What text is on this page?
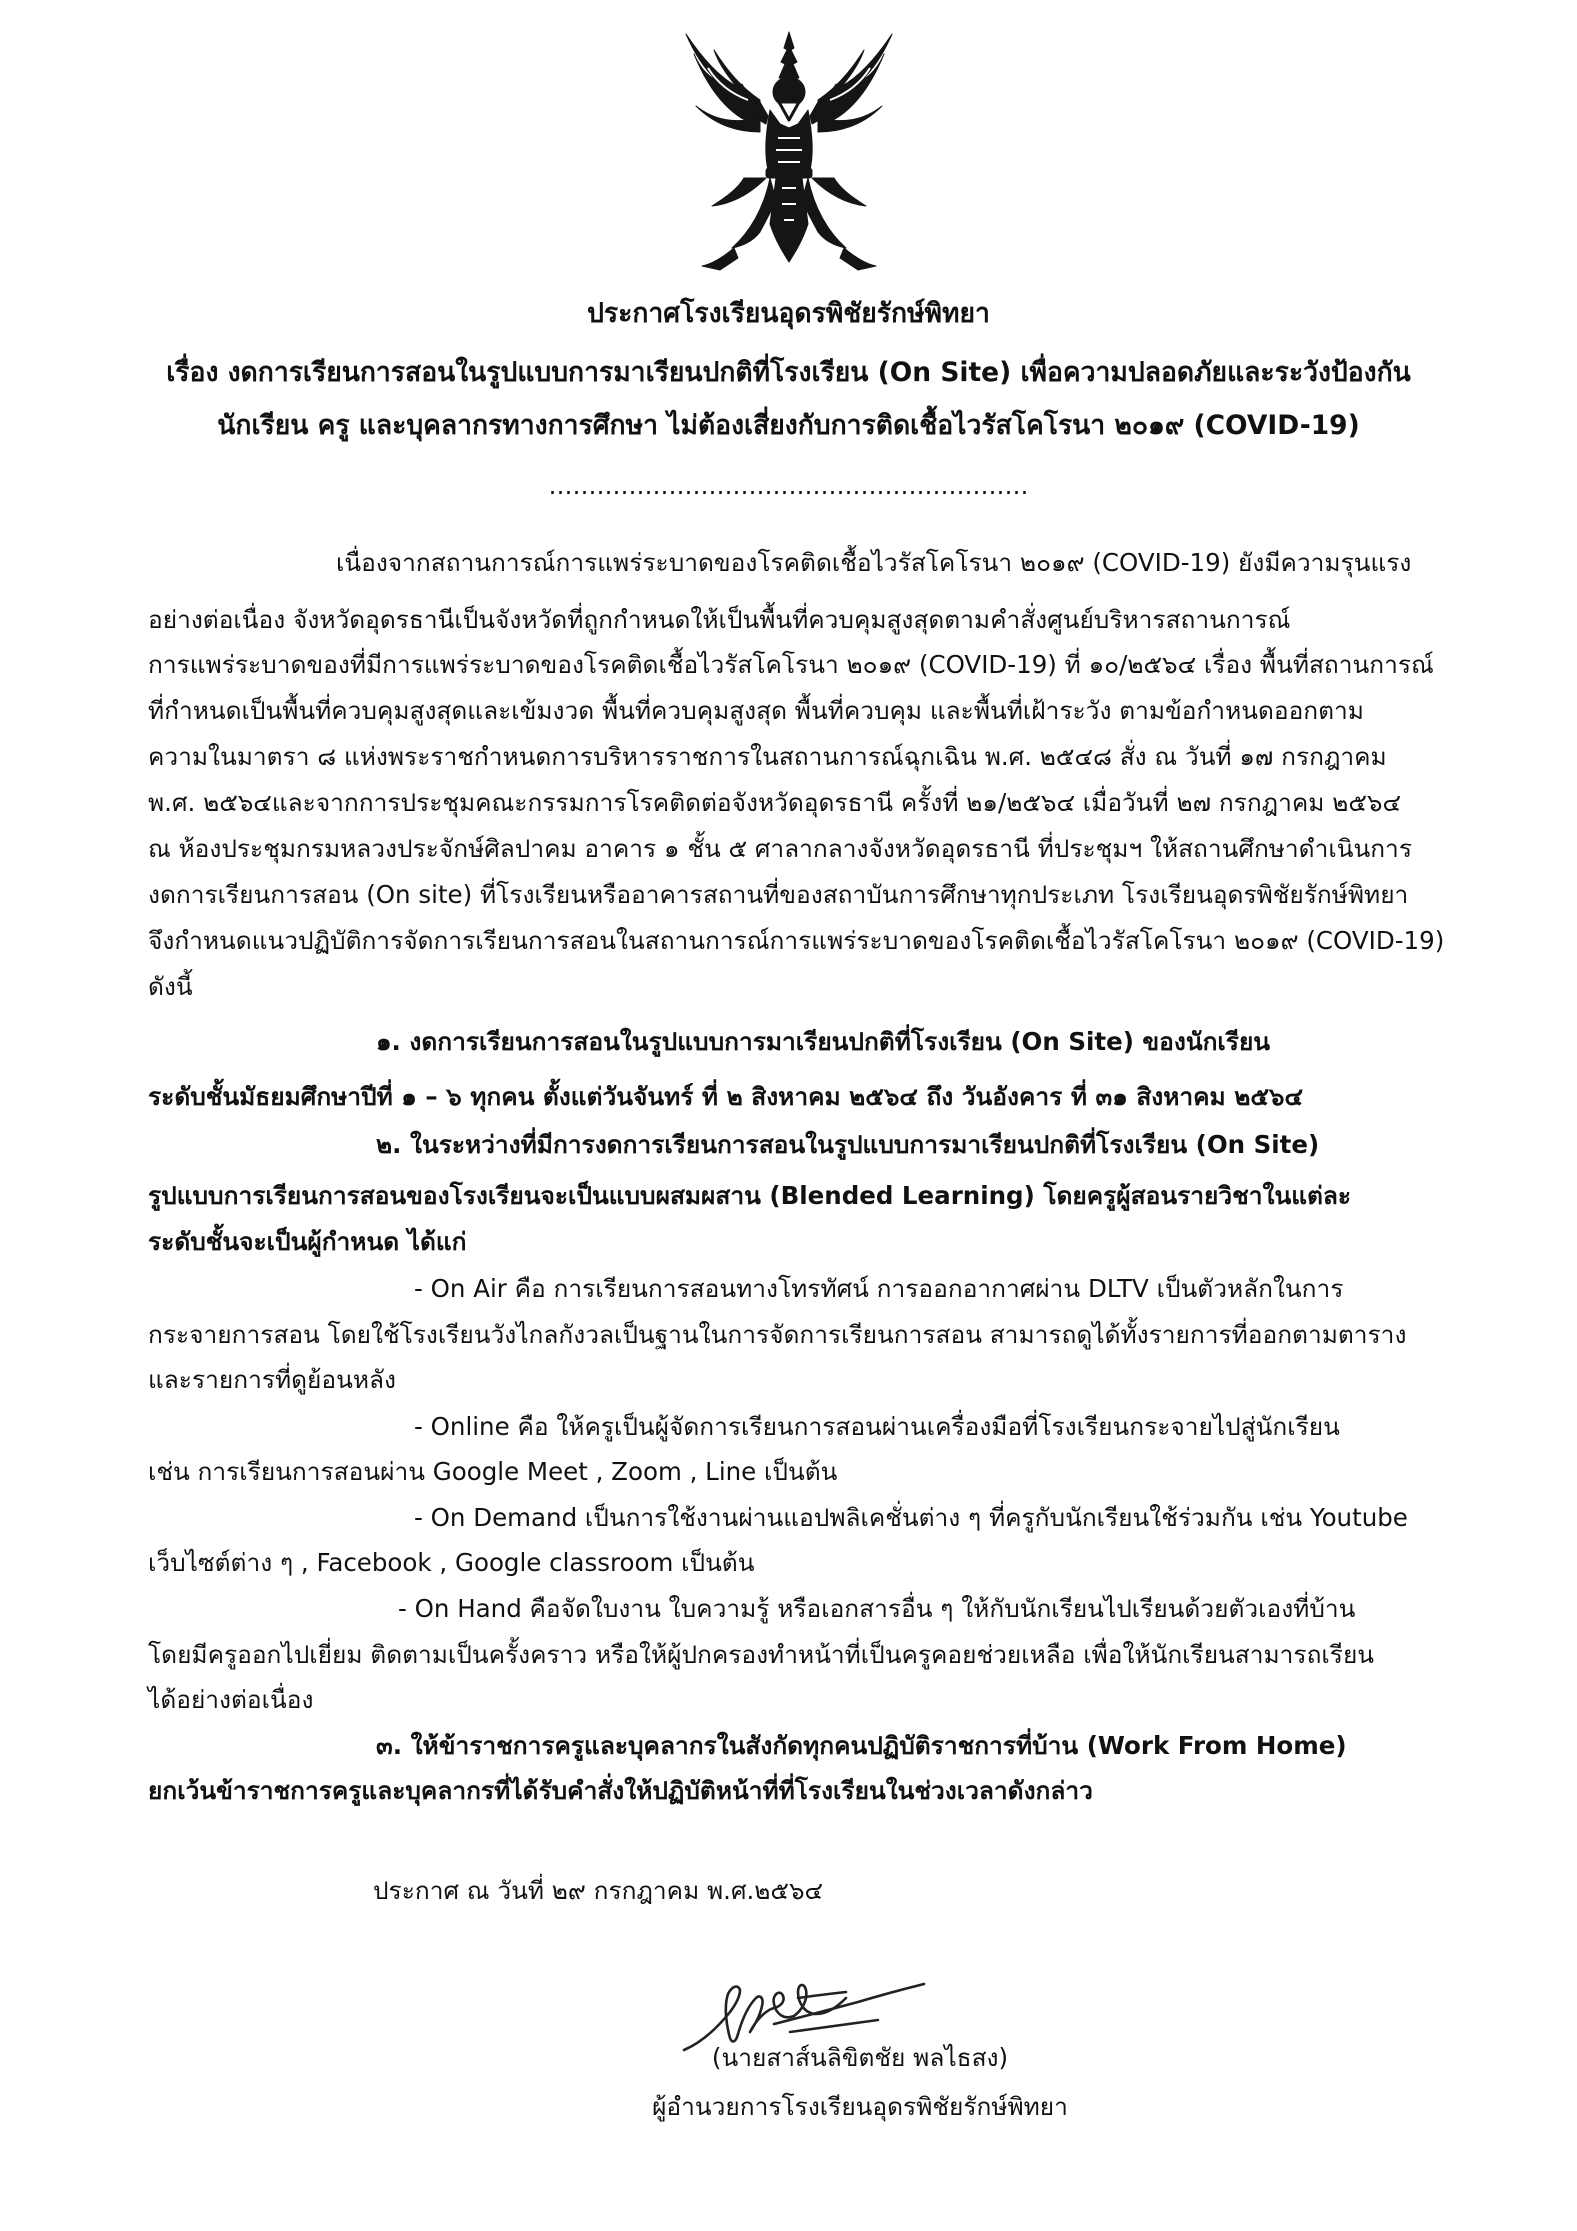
ประกาศโรงเรียนอุดรพิชัยรักษ์พิทยา
เรื่อง งดการเรียนการสอนในรูปแบบการมาเรียนปกติที่โรงเรียน (On Site) เพื่อความปลอดภัยและระวังป้องกัน
นักเรียน ครู และบุคลากรทางการศึกษา ไม่ต้องเสี่ยงกับการติดเชื้อไวรัสโคโรนา ๒๐๑๙ (COVID-19)
……………………………………………………
เนื่องจากสถานการณ์การแพร่ระบาดของโรคติดเชื้อไวรัสโคโรนา ๒๐๑๙ (COVID-19) ยังมีความรุนแรง
อย่างต่อเนื่อง จังหวัดอุดรธานีเป็นจังหวัดที่ถูกกำหนดให้เป็นพื้นที่ควบคุมสูงสุดตามคำสั่งศูนย์บริหารสถานการณ์
การแพร่ระบาดของที่มีการแพร่ระบาดของโรคติดเชื้อไวรัสโคโรนา ๒๐๑๙ (COVID-19) ที่ ๑๐/๒๕๖๔ เรื่อง พื้นที่สถานการณ์
ที่กำหนดเป็นพื้นที่ควบคุมสูงสุดและเข้มงวด พื้นที่ควบคุมสูงสุด พื้นที่ควบคุม และพื้นที่เฝ้าระวัง ตามข้อกำหนดออกตาม
ความในมาตรา ๘ แห่งพระราชกำหนดการบริหารราชการในสถานการณ์ฉุกเฉิน พ.ศ. ๒๕๔๘ สั่ง ณ วันที่ ๑๗ กรกฎาคม
พ.ศ. ๒๕๖๔และจากการประชุมคณะกรรมการโรคติดต่อจังหวัดอุดรธานี ครั้งที่ ๒๑/๒๕๖๔ เมื่อวันที่ ๒๗ กรกฎาคม ๒๕๖๔
ณ ห้องประชุมกรมหลวงประจักษ์ศิลปาคม อาคาร ๑ ชั้น ๕ ศาลากลางจังหวัดอุดรธานี ที่ประชุมฯ ให้สถานศึกษาดำเนินการ
งดการเรียนการสอน (On site) ที่โรงเรียนหรืออาคารสถานที่ของสถาบันการศึกษาทุกประเภท โรงเรียนอุดรพิชัยรักษ์พิทยา
จึงกำหนดแนวปฏิบัติการจัดการเรียนการสอนในสถานการณ์การแพร่ระบาดของโรคติดเชื้อไวรัสโคโรนา ๒๐๑๙ (COVID-19)
ดังนี้
๑. งดการเรียนการสอนในรูปแบบการมาเรียนปกติที่โรงเรียน (On Site) ของนักเรียน
ระดับชั้นมัธยมศึกษาปีที่ ๑ – ๖ ทุกคน ตั้งแต่วันจันทร์ ที่ ๒ สิงหาคม ๒๕๖๔ ถึง วันอังคาร ที่ ๓๑ สิงหาคม ๒๕๖๔
๒. ในระหว่างที่มีการงดการเรียนการสอนในรูปแบบการมาเรียนปกติที่โรงเรียน (On Site)
รูปแบบการเรียนการสอนของโรงเรียนจะเป็นแบบผสมผสาน (Blended Learning) โดยครูผู้สอนรายวิชาในแต่ละ
ระดับชั้นจะเป็นผู้กำหนด ได้แก่
- On Air คือ การเรียนการสอนทางโทรทัศน์ การออกอากาศผ่าน DLTV เป็นตัวหลักในการ
กระจายการสอน โดยใช้โรงเรียนวังไกลกังวลเป็นฐานในการจัดการเรียนการสอน สามารถดูได้ทั้งรายการที่ออกตามตาราง
และรายการที่ดูย้อนหลัง
- Online คือ ให้ครูเป็นผู้จัดการเรียนการสอนผ่านเครื่องมือที่โรงเรียนกระจายไปสู่นักเรียน
เช่น การเรียนการสอนผ่าน Google Meet , Zoom , Line เป็นต้น
- On Demand เป็นการใช้งานผ่านแอปพลิเคชั่นต่าง ๆ ที่ครูกับนักเรียนใช้ร่วมกัน เช่น Youtube
เว็บไซต์ต่าง ๆ , Facebook , Google classroom เป็นต้น
- On Hand คือจัดใบงาน ใบความรู้ หรือเอกสารอื่น ๆ ให้กับนักเรียนไปเรียนด้วยตัวเองที่บ้าน
โดยมีครูออกไปเยี่ยม ติดตามเป็นครั้งคราว หรือให้ผู้ปกครองทำหน้าที่เป็นครูคอยช่วยเหลือ เพื่อให้นักเรียนสามารถเรียน
ได้อย่างต่อเนื่อง
๓. ให้ข้าราชการครูและบุคลากรในสังกัดทุกคนปฏิบัติราชการที่บ้าน (Work From Home)
ยกเว้นข้าราชการครูและบุคลากรที่ได้รับคำสั่งให้ปฏิบัติหน้าที่ที่โรงเรียนในช่วงเวลาดังกล่าว
ประกาศ ณ วันที่ ๒๙ กรกฎาคม พ.ศ.๒๕๖๔
(นายสาส์นลิขิตชัย พลไธสง)
ผู้อำนวยการโรงเรียนอุดรพิชัยรักษ์พิทยา
